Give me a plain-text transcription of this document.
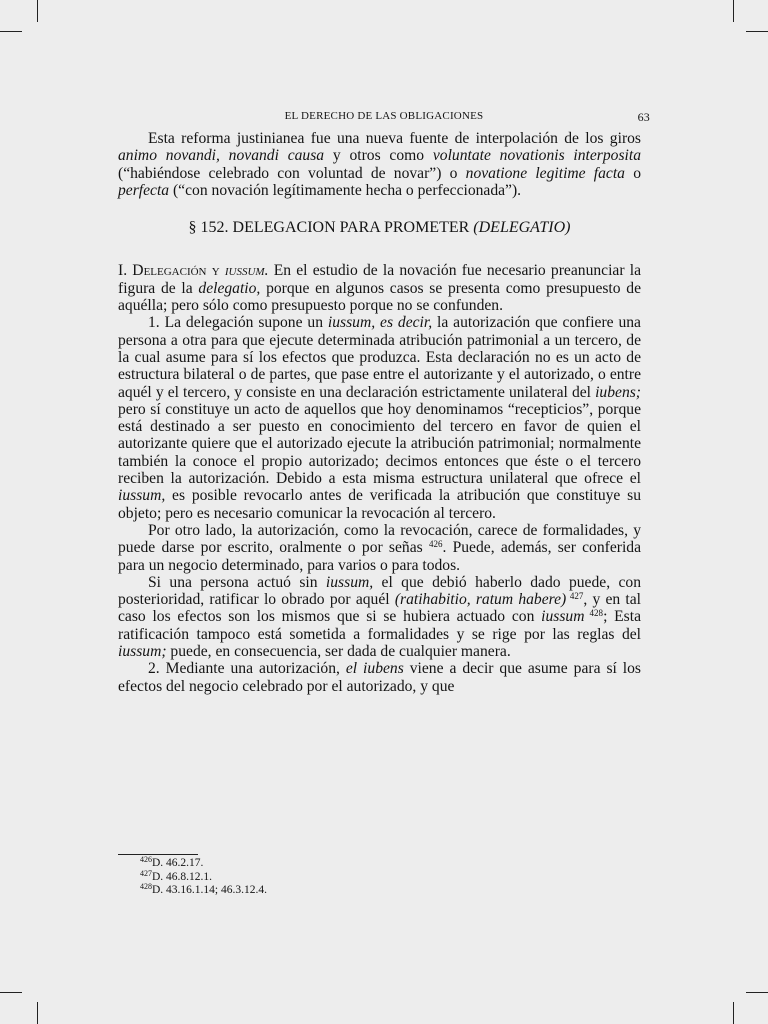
EL DERECHO DE LAS OBLIGACIONES	63

Esta reforma justinianea fue una nueva fuente de interpolación de los giros animo novandi, novandi causa y otros como voluntate novationis interposita (“habiéndose celebrado con voluntad de novar”) o novatione legitime facta o perfecta (“con novación legítimamente hecha o perfeccionada”).

§ 152. DELEGACION PARA PROMETER (DELEGATIO)

I. Delegación y iussum. En el estudio de la novación fue necesario preanunciar la figura de la delegatio, porque en algunos casos se presenta como presupuesto de aquélla; pero sólo como presupuesto porque no se confunden.

1. La delegación supone un iussum, es decir, la autorización que confiere una persona a otra para que ejecute determinada atribución patrimonial a un tercero, de la cual asume para sí los efectos que produzca. Esta declaración no es un acto de estructura bilateral o de partes, que pase entre el autorizante y el autorizado, o entre aquél y el tercero, y consiste en una declaración estrictamente unilateral del iubens; pero sí constituye un acto de aquellos que hoy denominamos “recepticios”, porque está destinado a ser puesto en conocimiento del tercero en favor de quien el autorizante quiere que el autorizado ejecute la atribución patrimonial; normalmente también la conoce el propio autorizado; decimos entonces que éste o el tercero reciben la autorización. Debido a esta misma estructura unilateral que ofrece el iussum, es posible revocarlo antes de verificada la atribución que constituye su objeto; pero es necesario comunicar la revocación al tercero.

Por otro lado, la autorización, como la revocación, carece de formalidades, y puede darse por escrito, oralmente o por señas $^{426}$. Puede, además, ser conferida para un negocio determinado, para varios o para todos.

Si una persona actuó sin iussum, el que debió haberlo dado puede, con posterioridad, ratificar lo obrado por aquél (ratihabitio, ratum habere) $^{427}$, y en tal caso los efectos son los mismos que si se hubiera actuado con iussum $^{428}$; Esta ratificación tampoco está sometida a formalidades y se rige por las reglas del iussum; puede, en consecuencia, ser dada de cualquier manera.

2. Mediante una autorización, el iubens viene a decir que asume para sí los efectos del negocio celebrado por el autorizado, y que

$^{426}$D. 46.2.17.
$^{427}$D. 46.8.12.1.
$^{428}$D. 43.16.1.14; 46.3.12.4.
